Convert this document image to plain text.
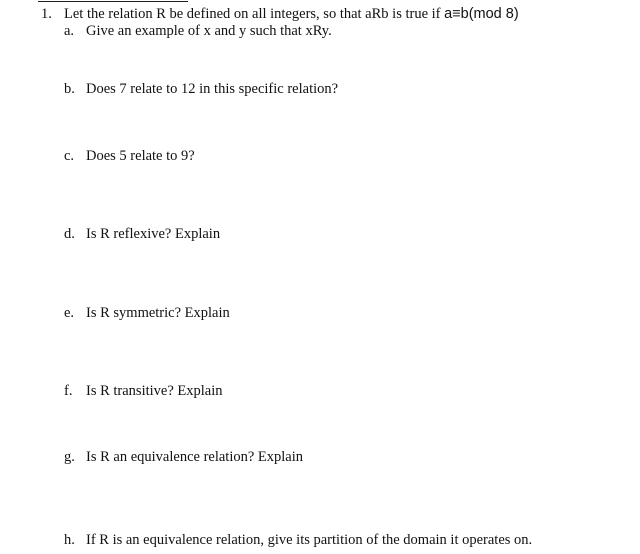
1. Let the relation R be defined on all integers, so that aRb is true if a≡b(mod 8)
a. Give an example of x and y such that xRy.
b. Does 7 relate to 12 in this specific relation?
c. Does 5 relate to 9?
d. Is R reflexive? Explain
e. Is R symmetric? Explain
f. Is R transitive? Explain
g. Is R an equivalence relation? Explain
h. If R is an equivalence relation, give its partition of the domain it operates on.
